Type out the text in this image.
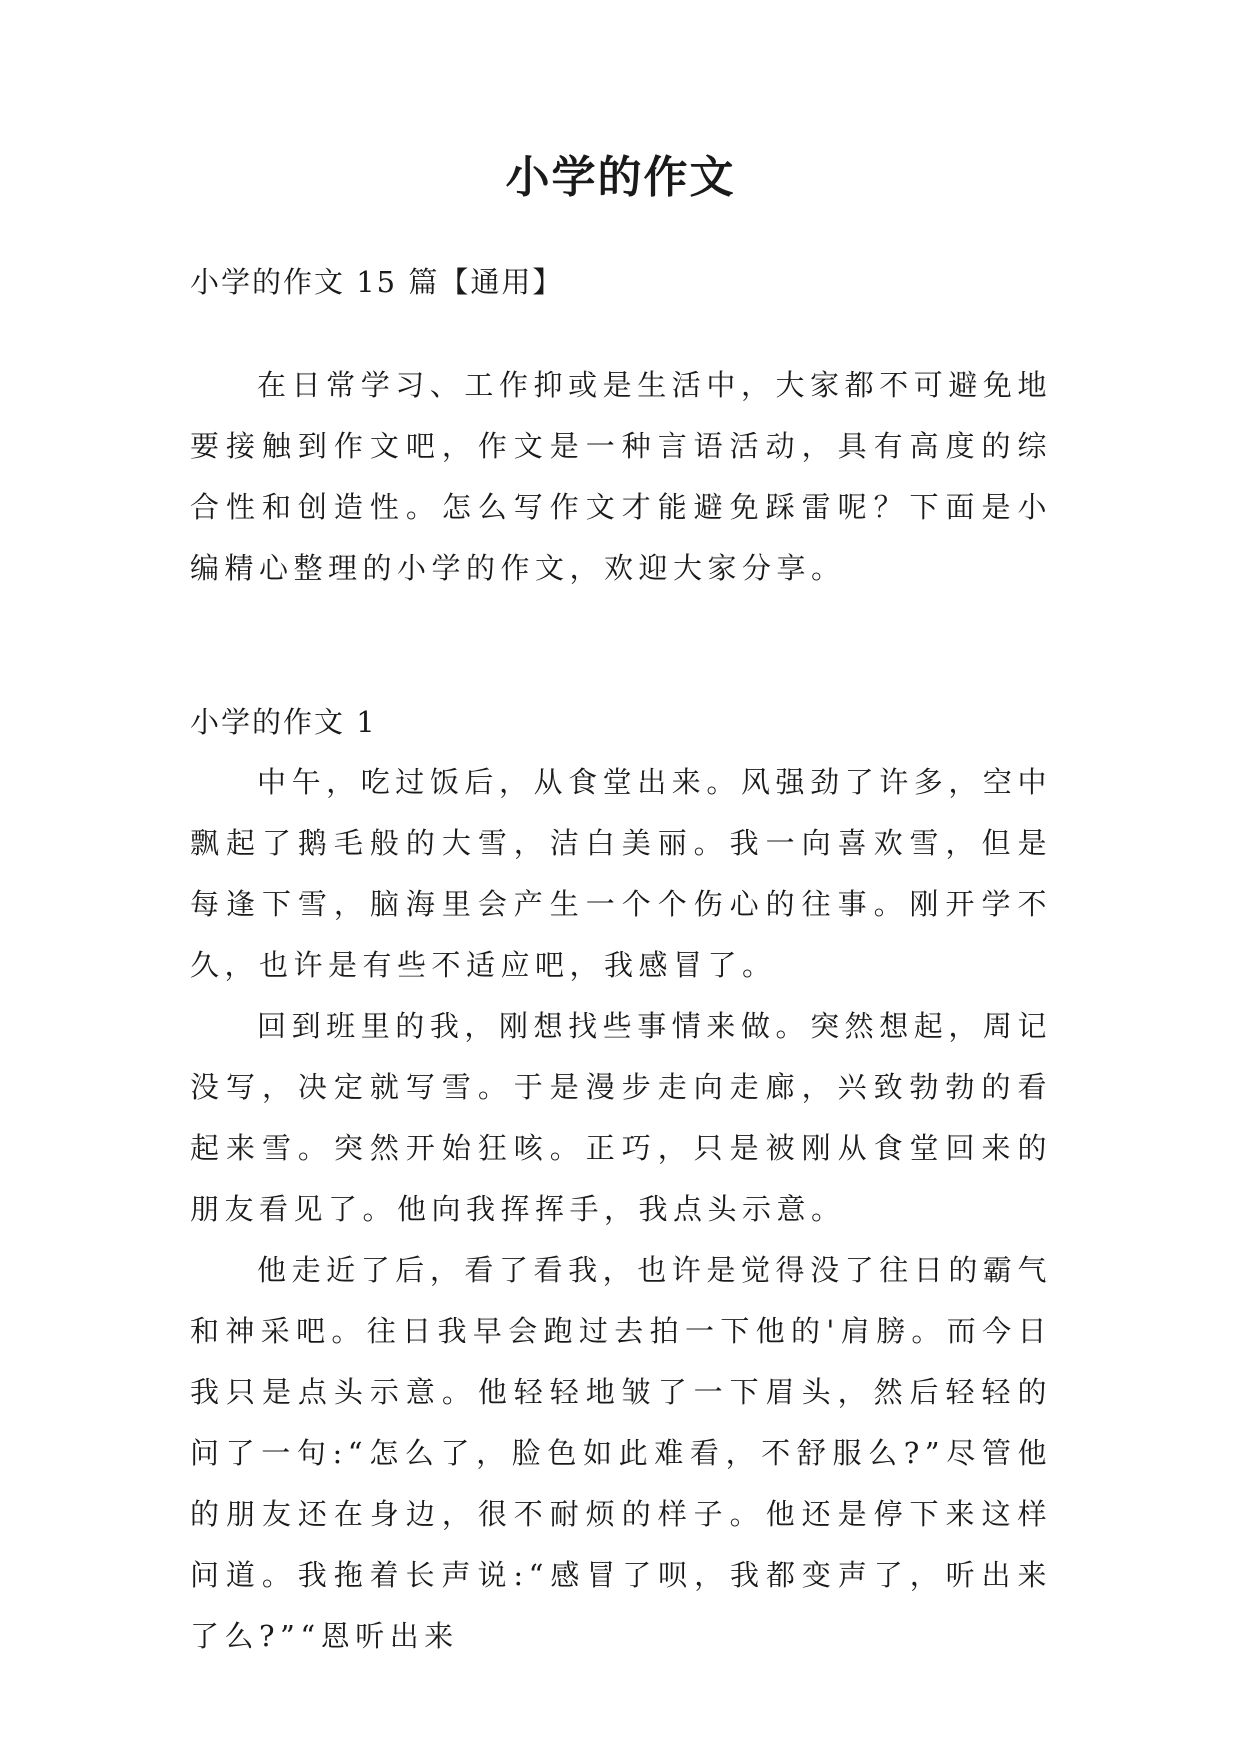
小学的作文

小学的作文 15 篇【通用】

在日常学习、工作抑或是生活中，大家都不可避免地要接触到作文吧，作文是一种言语活动，具有高度的综合性和创造性。怎么写作文才能避免踩雷呢？下面是小编精心整理的小学的作文，欢迎大家分享。

小学的作文 1

中午，吃过饭后，从食堂出来。风强劲了许多，空中飘起了鹅毛般的大雪，洁白美丽。我一向喜欢雪，但是每逢下雪，脑海里会产生一个个伤心的往事。刚开学不久，也许是有些不适应吧，我感冒了。

回到班里的我，刚想找些事情来做。突然想起，周记没写，决定就写雪。于是漫步走向走廊，兴致勃勃的看起来雪。突然开始狂咳。正巧，只是被刚从食堂回来的朋友看见了。他向我挥挥手，我点头示意。

他走近了后，看了看我，也许是觉得没了往日的霸气和神采吧。往日我早会跑过去拍一下他的'肩膀。而今日我只是点头示意。他轻轻地皱了一下眉头，然后轻轻的问了一句:“怎么了，脸色如此难看，不舒服么?”尽管他的朋友还在身边，很不耐烦的样子。他还是停下来这样问道。我拖着长声说:“感冒了呗，我都变声了，听出来了么?”“恩听出来
